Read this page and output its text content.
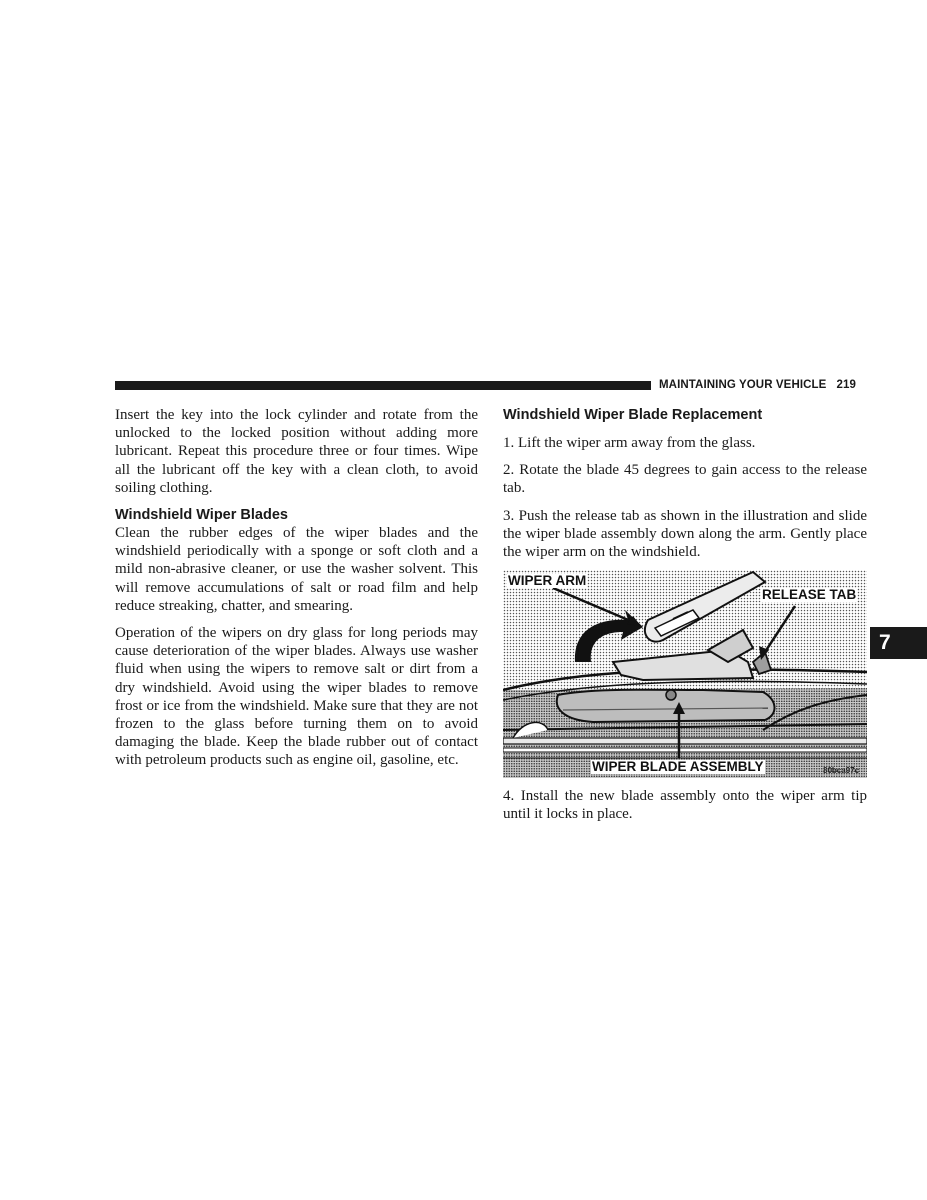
MAINTAINING YOUR VEHICLE 219

Insert the key into the lock cylinder and rotate from the unlocked to the locked position without adding more lubricant. Repeat this procedure three or four times. Wipe all the lubricant off the key with a clean cloth, to avoid soiling clothing.

Windshield Wiper Blades

Clean the rubber edges of the wiper blades and the windshield periodically with a sponge or soft cloth and a mild non-abrasive cleaner, or use the washer solvent. This will remove accumulations of salt or road film and help reduce streaking, chatter, and smearing.

Operation of the wipers on dry glass for long periods may cause deterioration of the wiper blades. Always use washer fluid when using the wipers to remove salt or dirt from a dry windshield. Avoid using the wiper blades to remove frost or ice from the windshield. Make sure that they are not frozen to the glass before turning them on to avoid damaging the blade. Keep the blade rubber out of contact with petroleum products such as engine oil, gasoline, etc.

Windshield Wiper Blade Replacement

1. Lift the wiper arm away from the glass.

2. Rotate the blade 45 degrees to gain access to the release tab.

3. Push the release tab as shown in the illustration and slide the wiper blade assembly down along the arm. Gently place the wiper arm on the windshield.

WIPER ARM
RELEASE TAB
WIPER BLADE ASSEMBLY	80bca97c

4. Install the new blade assembly onto the wiper arm tip until it locks in place.

7
